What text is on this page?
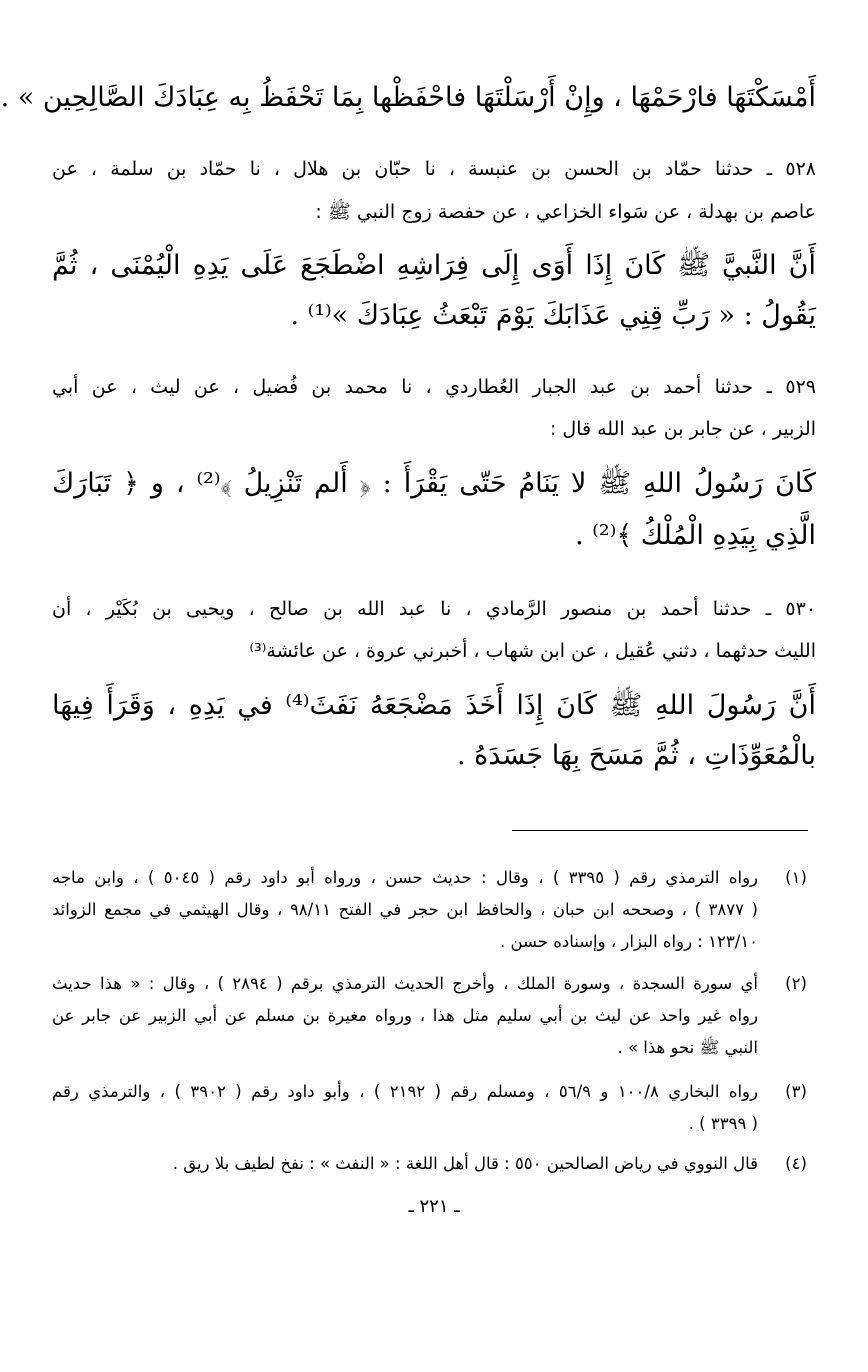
أَمْسَكْتَهَا فارْحَمْهَا ، وإِنْ أَرْسَلْتَهَا فاحْفَظْها بِمَا تَحْفَظُ بِه عِبَادَكَ الصَّالِحِين » .
٥٢٨ ـ حدثنا حمّاد بن الحسن بن عنبسة ، نا حبّان بن هلال ، نا حمّاد بن سلمة ، عن
عاصم بن بهدلة ، عن سَواء الخزاعي ، عن حفصة زوج النبي ﷺ :
أَنَّ النَّبيَّ ﷺ كَانَ إِذَا أَوَى إِلَى فِرَاشِهِ اضْطَجَعَ عَلَى يَدِهِ الْيُمْنَى ، ثُمَّ
يَقُولُ : « رَبِّ قِنِي عَذَابَكَ يَوْمَ تَبْعَثُ عِبَادَكَ »⁽¹⁾ .
٥٢٩ ـ حدثنا أحمد بن عبد الجبار العُطاردي ، نا محمد بن فُضيل ، عن ليث ، عن أبي
الزبير ، عن جابر بن عبد الله قال :
كَانَ رَسُولُ اللهِ ﷺ لا يَنَامُ حَتّى يَقْرَأَ : ﴿ أَلم تَنْزِيلُ ﴾⁽²⁾ ، و ﴿ تَبَارَكَ
الَّذِي بِيَدِهِ الْمُلْكُ ﴾⁽²⁾ .
٥٣٠ ـ حدثنا أحمد بن منصور الرَّمادي ، نا عبد الله بن صالح ، ويحيى بن بُكَيْر ، أن
الليث حدثهما ، دثني عُقيل ، عن ابن شهاب ، أخبرني عروة ، عن عائشة⁽³⁾
أَنَّ رَسُولَ اللهِ ﷺ كَانَ إِذَا أَخَذَ مَضْجَعَهُ نَفَثَ⁽⁴⁾ في يَدِهِ ، وَقَرَأَ فِيهَا
بالْمُعَوِّذَاتِ ، ثُمَّ مَسَحَ بِهَا جَسَدَهُ .
(١)
رواه الترمذي رقم ( ٣٣٩٥ ) ، وقال : حديث حسن ، ورواه أبو داود رقم ( ٥٠٤٥ ) ، وابن ماجه
( ٣٨٧٧ ) ، وصححه ابن حبان ، والحافظ ابن حجر في الفتح ٩٨/١١ ، وقال الهيثمي في مجمع الزوائد
١٢٣/١٠ : رواه البزار ، وإسناده حسن .
(٢)
أي سورة السجدة ، وسورة الملك ، وأخرج الحديث الترمذي برقم ( ٢٨٩٤ ) ، وقال : « هذا حديث
رواه غير واحد عن ليث بن أبي سليم مثل هذا ، ورواه مغيرة بن مسلم عن أبي الزبير عن جابر عن
النبي ﷺ نحو هذا » .
(٣)
رواه البخاري ١٠٠/٨ و ٥٦/٩ ، ومسلم رقم ( ٢١٩٢ ) ، وأبو داود رقم ( ٣٩٠٢ ) ، والترمذي رقم
( ٣٣٩٩ ) .
(٤)
قال النووي في رياض الصالحين ٥٥٠ : قال أهل اللغة : « النفث » : نفخ لطيف بلا ريق .
ـ ٢٢١ ـ
